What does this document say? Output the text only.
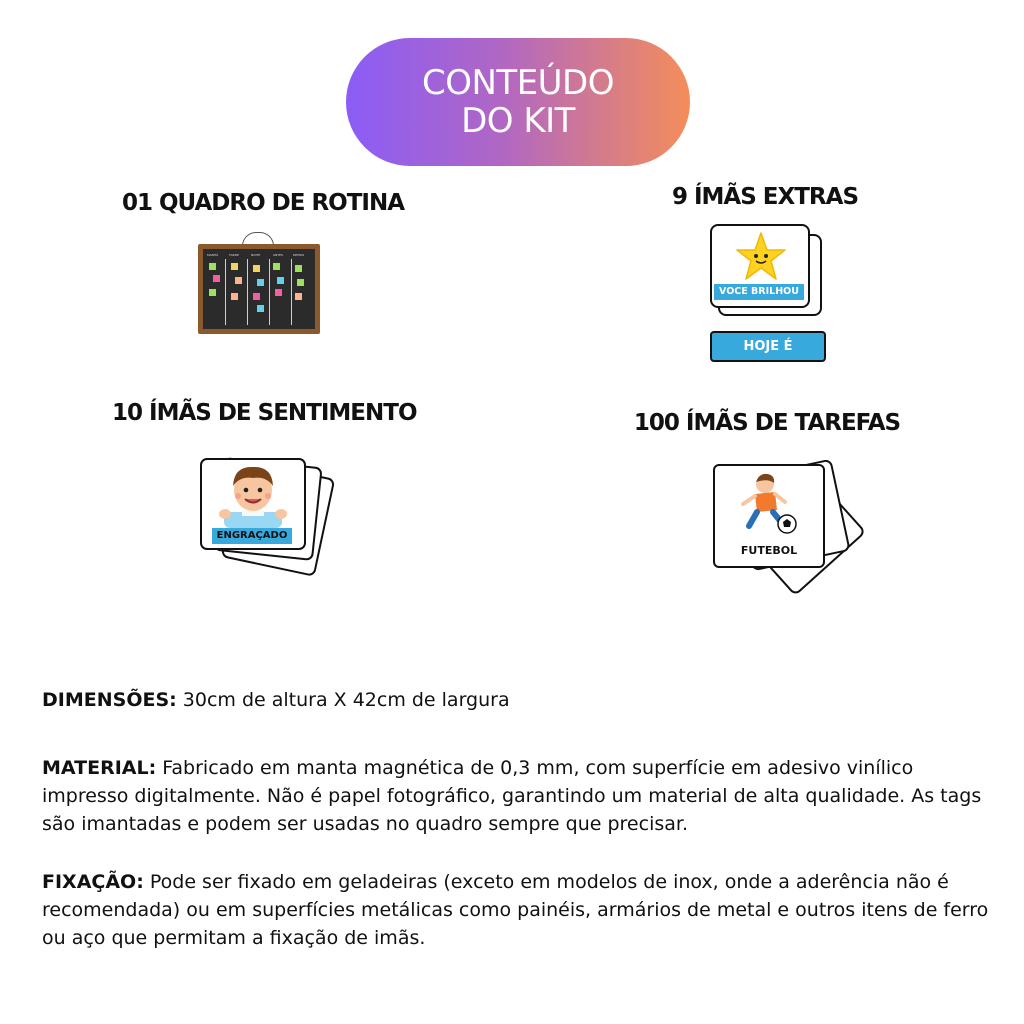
CONTEÚDO
DO KIT
01 QUADRO DE ROTINA
MANHÃ	TARDE	NOITE	ANTES	DEPOIS
9 ÍMÃS EXTRAS
VOCE BRILHOU
HOJE É
10 ÍMÃS DE SENTIMENTO
ENGRAÇADO
100 ÍMÃS DE TAREFAS
FUTEBOL
DIMENSÕES: 30cm de altura X 42cm de largura
MATERIAL: Fabricado em manta magnética de 0,3 mm, com superfície em adesivo vinílico impresso digitalmente. Não é papel fotográfico, garantindo um material de alta qualidade. As tags são imantadas e podem ser usadas no quadro sempre que precisar.
FIXAÇÃO: Pode ser fixado em geladeiras (exceto em modelos de inox, onde a aderência não é recomendada) ou em superfícies metálicas como painéis, armários de metal e outros itens de ferro ou aço que permitam a fixação de imãs.
